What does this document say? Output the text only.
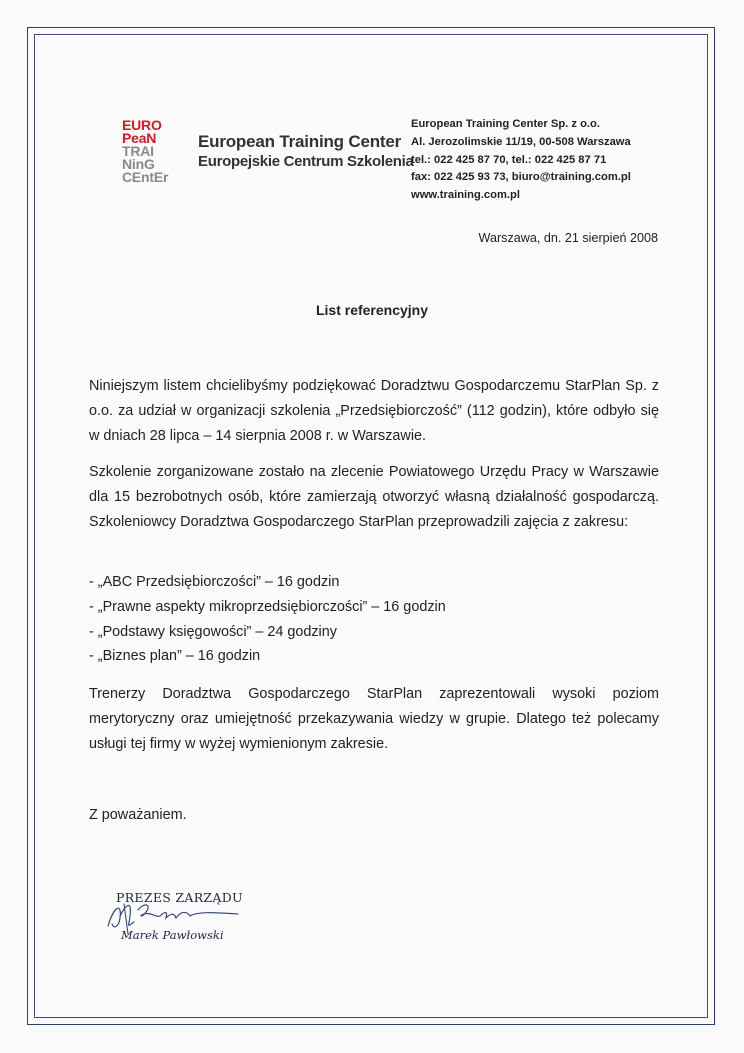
EURO
PeaN
TRAI
NinG
CEntEr
European Training Center
Europejskie Centrum Szkolenia
European Training Center Sp. z o.o.
Al. Jerozolimskie 11/19, 00-508 Warszawa
tel.: 022 425 87 70, tel.: 022 425 87 71
fax: 022 425 93 73, biuro@training.com.pl
www.training.com.pl
Warszawa, dn. 21 sierpień 2008
List referencyjny

Niniejszym listem chcielibyśmy podziękować Doradztwu Gospodarczemu StarPlan Sp. z o.o. za udział w organizacji szkolenia „Przedsiębiorczość” (112 godzin), które odbyło się w dniach 28 lipca – 14 sierpnia 2008 r. w Warszawie.

Szkolenie zorganizowane zostało na zlecenie Powiatowego Urzędu Pracy w Warszawie dla 15 bezrobotnych osób, które zamierzają otworzyć własną działalność gospodarczą. Szkoleniowcy Doradztwa Gospodarczego StarPlan przeprowadzili zajęcia z zakresu:

- „ABC Przedsiębiorczości” – 16 godzin
- „Prawne aspekty mikroprzedsiębiorczości” – 16 godzin
- „Podstawy księgowości” – 24 godziny
- „Biznes plan” – 16 godzin

Trenerzy Doradztwa Gospodarczego StarPlan zaprezentowali wysoki poziom merytoryczny oraz umiejętność przekazywania wiedzy w grupie. Dlatego też polecamy usługi tej firmy w wyżej wymienionym zakresie.

Z poważaniem.
PREZES ZARZĄDU
Marek Pawłowski
